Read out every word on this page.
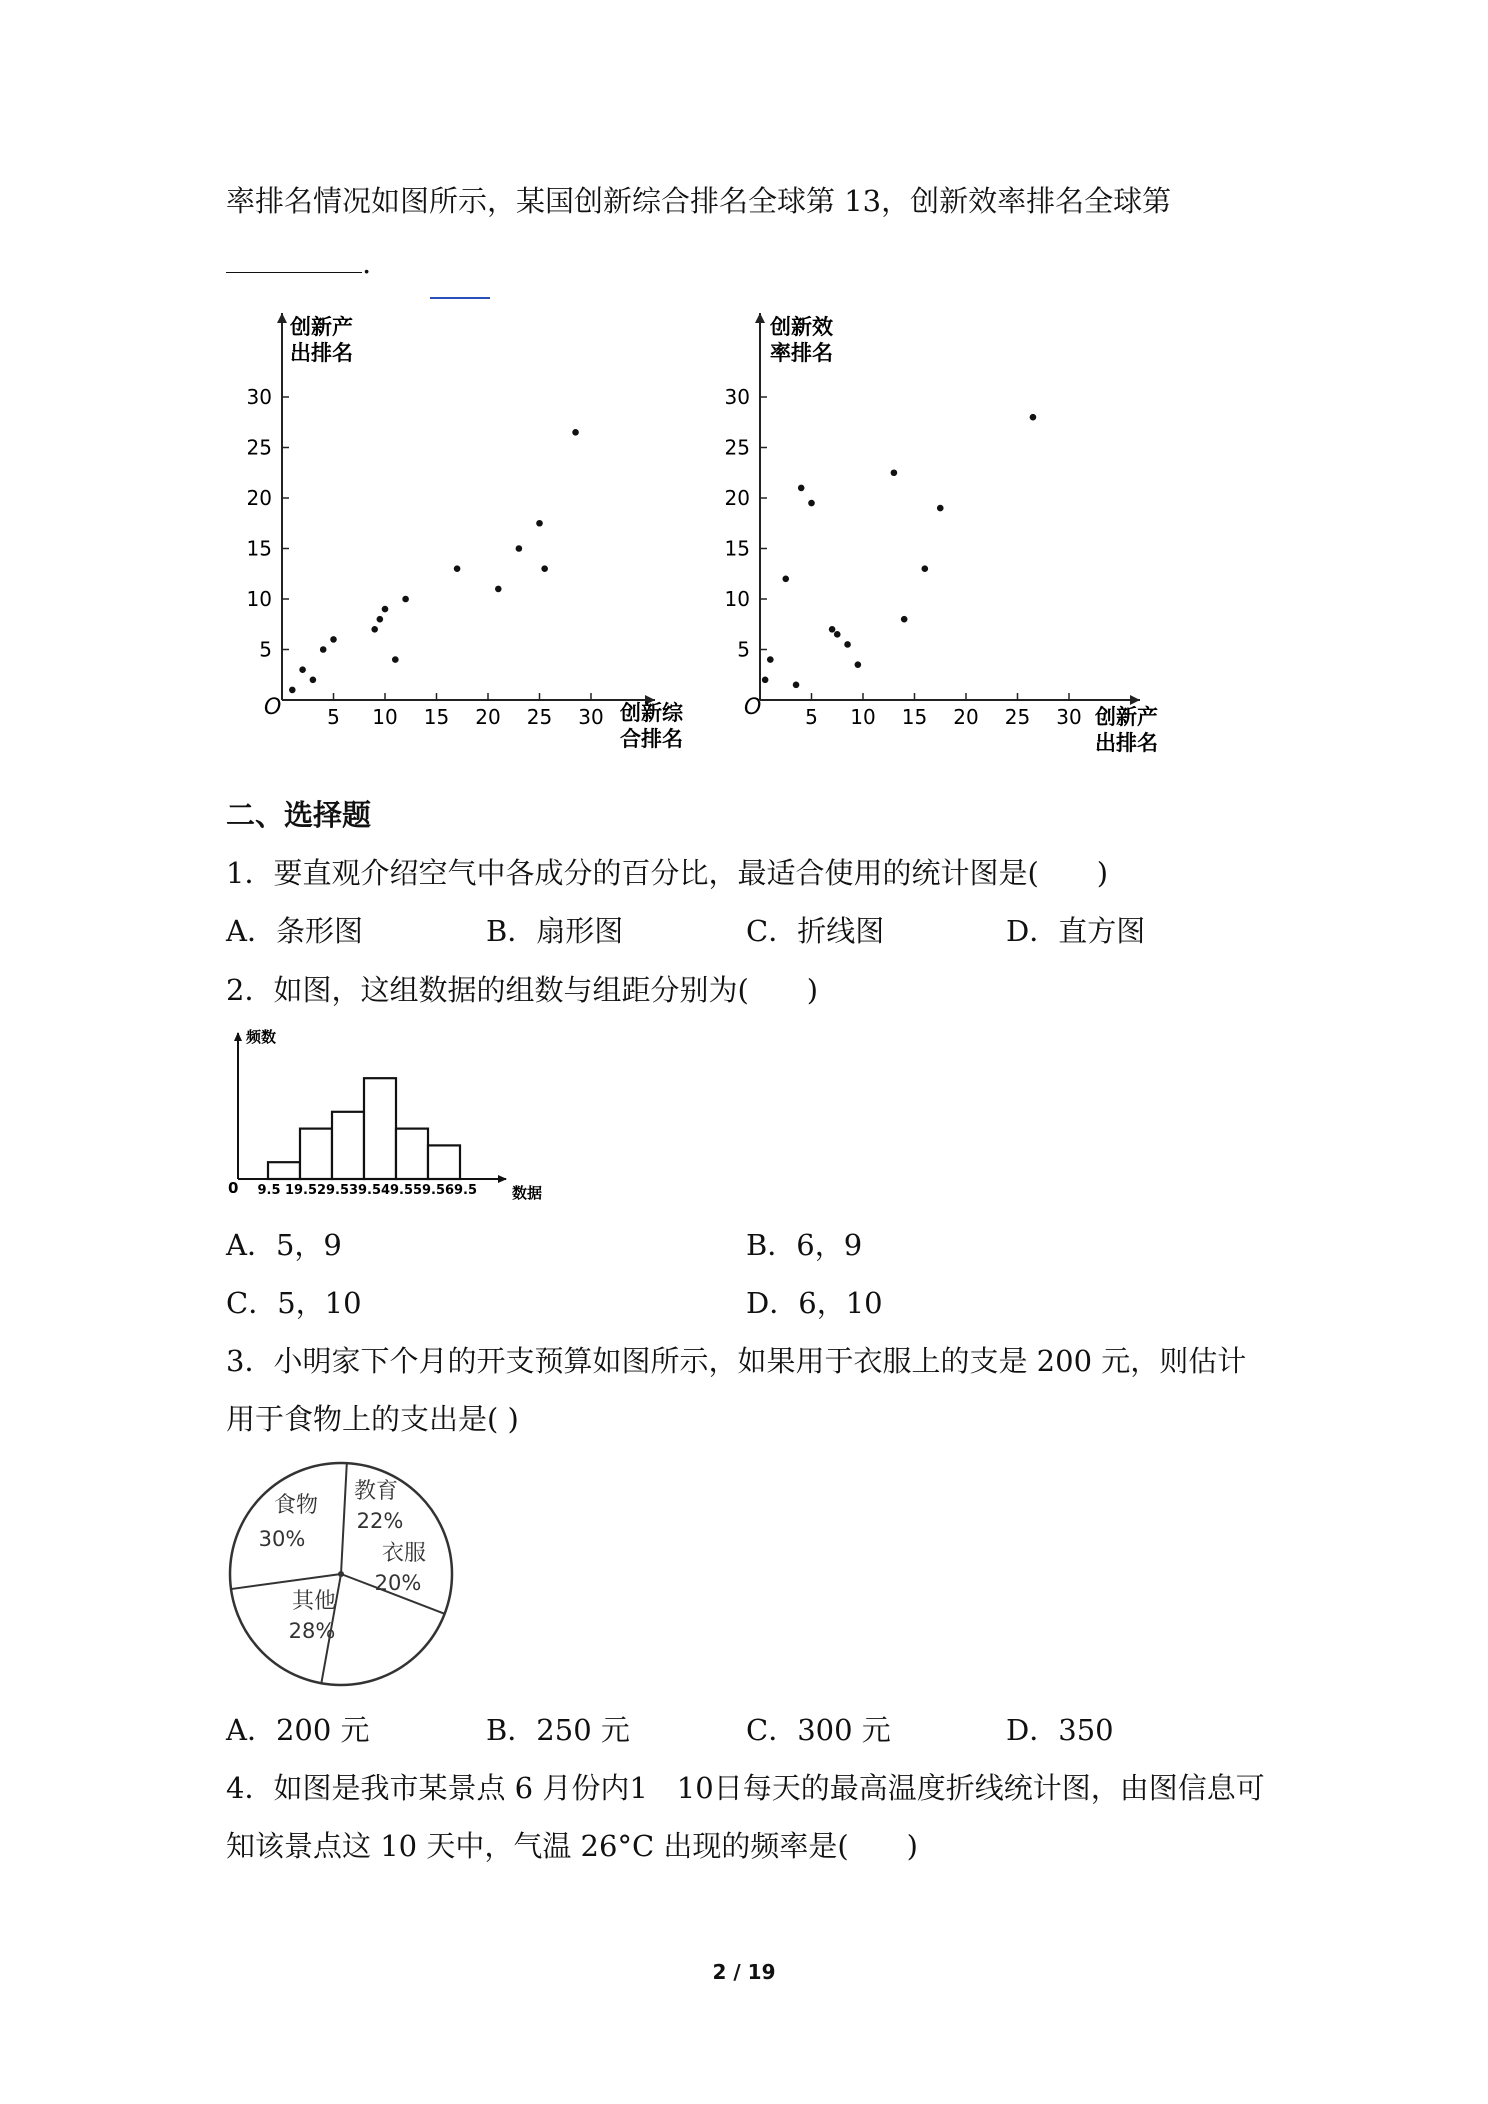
率排名情况如图所示，某国创新综合排名全球第 13，创新效率排名全球第
.
5
10
15
20
25
30
5 10 15 20 25 30
创新产
出排名
创新综
合排名
O
5
10
15
20
25
30
5 10 15 20 25 30
创新效
率排名
创新产
出排名
O
二、选择题
1．要直观介绍空气中各成分的百分比，最适合使用的统计图是(　　)
A．条形图	B．扇形图	C．折线图	D．直方图
2．如图，这组数据的组数与组距分别为(　　)
9.5 19.5 29.5 39.5 49.5 59.5 69.5
频数
数据
0
A．5，9	B．6，9
C．5，10	D．6，10
3．小明家下个月的开支预算如图所示，如果用于衣服上的支是 200 元，则估计
用于食物上的支出是( )
食物
30%
教育
22%
衣服
20%
其他
28%
A．200 元	B．250 元	C．300 元	D．350
4．如图是我市某景点 6 月份内1　10日每天的最高温度折线统计图，由图信息可
知该景点这 10 天中，气温 26°C 出现的频率是(　　)
2 / 19
